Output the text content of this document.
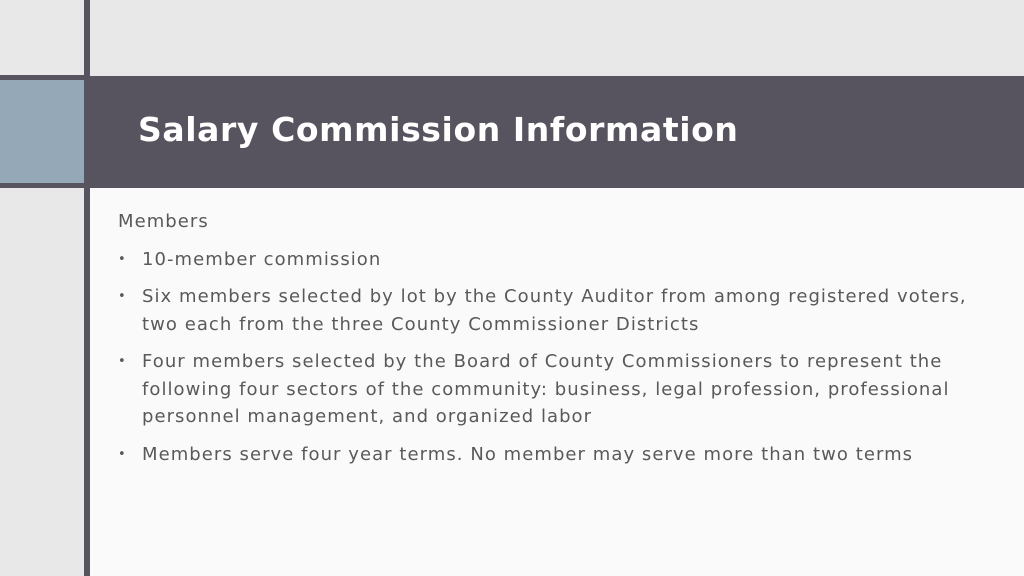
Salary Commission Information

Members

• 10-member commission
• Six members selected by lot by the County Auditor from among registered voters, two each from the three County Commissioner Districts
• Four members selected by the Board of County Commissioners to represent the following four sectors of the community: business, legal profession, professional personnel management, and organized labor
• Members serve four year terms. No member may serve more than two terms
